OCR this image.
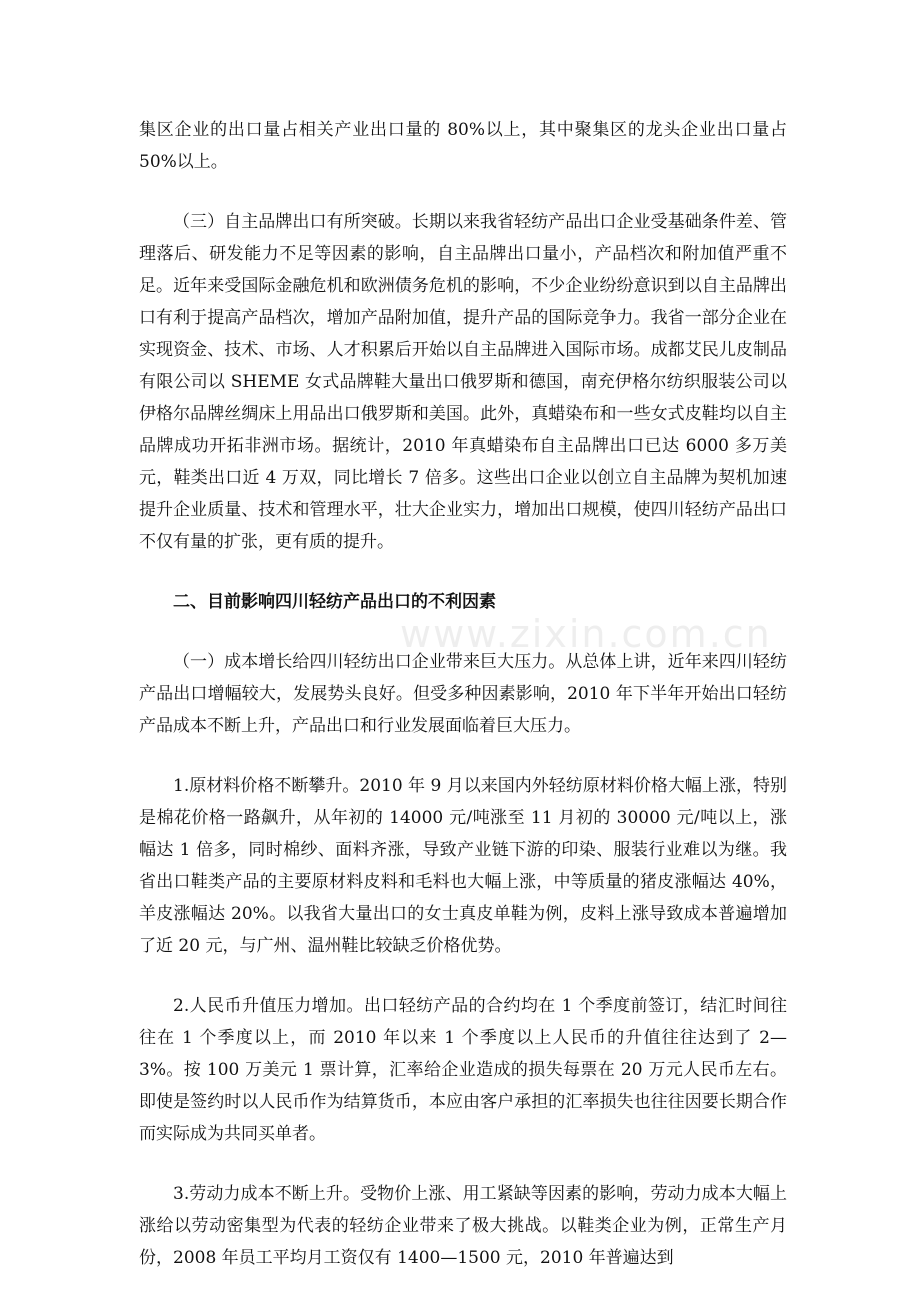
www.zixin.com.cn

集区企业的出口量占相关产业出口量的 80%以上，其中聚集区的龙头企业出口量占 50%以上。

（三）自主品牌出口有所突破。长期以来我省轻纺产品出口企业受基础条件差、管理落后、研发能力不足等因素的影响，自主品牌出口量小，产品档次和附加值严重不足。近年来受国际金融危机和欧洲债务危机的影响，不少企业纷纷意识到以自主品牌出口有利于提高产品档次，增加产品附加值，提升产品的国际竞争力。我省一部分企业在实现资金、技术、市场、人才积累后开始以自主品牌进入国际市场。成都艾民儿皮制品有限公司以 SHEME 女式品牌鞋大量出口俄罗斯和德国，南充伊格尔纺织服装公司以伊格尔品牌丝绸床上用品出口俄罗斯和美国。此外，真蜡染布和一些女式皮鞋均以自主品牌成功开拓非洲市场。据统计，2010 年真蜡染布自主品牌出口已达 6000 多万美元，鞋类出口近 4 万双，同比增长 7 倍多。这些出口企业以创立自主品牌为契机加速提升企业质量、技术和管理水平，壮大企业实力，增加出口规模，使四川轻纺产品出口不仅有量的扩张，更有质的提升。

二、目前影响四川轻纺产品出口的不利因素

（一）成本增长给四川轻纺出口企业带来巨大压力。从总体上讲，近年来四川轻纺产品出口增幅较大，发展势头良好。但受多种因素影响，2010 年下半年开始出口轻纺产品成本不断上升，产品出口和行业发展面临着巨大压力。

1.原材料价格不断攀升。2010 年 9 月以来国内外轻纺原材料价格大幅上涨，特别是棉花价格一路飙升，从年初的 14000 元/吨涨至 11 月初的 30000 元/吨以上，涨幅达 1 倍多，同时棉纱、面料齐涨，导致产业链下游的印染、服装行业难以为继。我省出口鞋类产品的主要原材料皮料和毛料也大幅上涨，中等质量的猪皮涨幅达 40%，羊皮涨幅达 20%。以我省大量出口的女士真皮单鞋为例，皮料上涨导致成本普遍增加了近 20 元，与广州、温州鞋比较缺乏价格优势。

2.人民币升值压力增加。出口轻纺产品的合约均在 1 个季度前签订，结汇时间往往在 1 个季度以上，而 2010 年以来 1 个季度以上人民币的升值往往达到了 2—3%。按 100 万美元 1 票计算，汇率给企业造成的损失每票在 20 万元人民币左右。即使是签约时以人民币作为结算货币，本应由客户承担的汇率损失也往往因要长期合作而实际成为共同买单者。

3.劳动力成本不断上升。受物价上涨、用工紧缺等因素的影响，劳动力成本大幅上涨给以劳动密集型为代表的轻纺企业带来了极大挑战。以鞋类企业为例，正常生产月份，2008 年员工平均月工资仅有 1400—1500 元，2010 年普遍达到
